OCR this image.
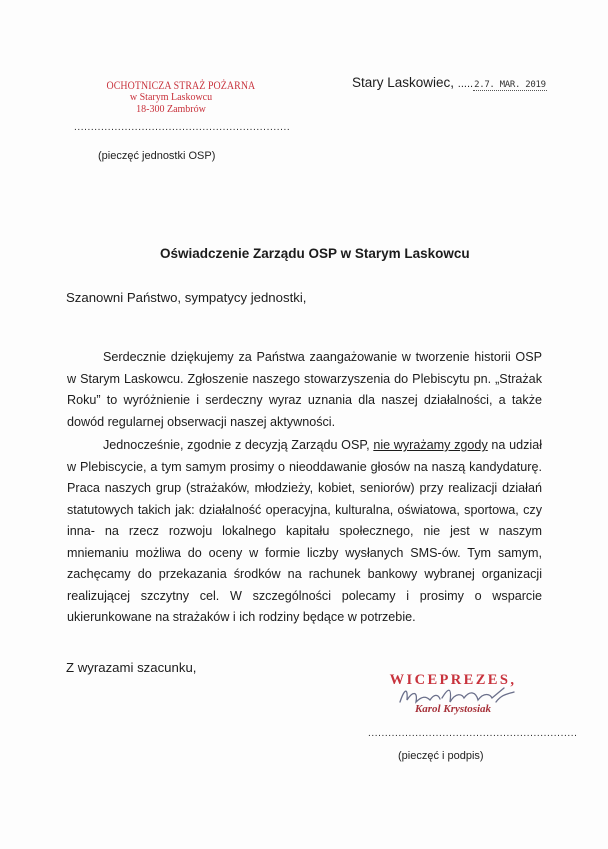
OCHOTNICZA STRAŻ POŻARNA
w Starym Laskowcu
18-300 Zambrów
................................................................
(pieczęć jednostki OSP)
Stary Laskowiec, .....2.7. MAR. 2019
Oświadczenie Zarządu OSP w Starym Laskowcu
Szanowni Państwo, sympatycy jednostki,
Serdecznie dziękujemy za Państwa zaangażowanie w tworzenie historii OSP w Starym Laskowcu. Zgłoszenie naszego stowarzyszenia do Plebiscytu pn. „Strażak Roku” to wyróżnienie i serdeczny wyraz uznania dla naszej działalności, a także dowód regularnej obserwacji naszej aktywności.
Jednocześnie, zgodnie z decyzją Zarządu OSP, nie wyrażamy zgody na udział w Plebiscycie, a tym samym prosimy o nieoddawanie głosów na naszą kandydaturę. Praca naszych grup (strażaków, młodzieży, kobiet, seniorów) przy realizacji działań statutowych takich jak: działalność operacyjna, kulturalna, oświatowa, sportowa, czy inna- na rzecz rozwoju lokalnego kapitału społecznego, nie jest w naszym mniemaniu możliwa do oceny w formie liczby wysłanych SMS-ów. Tym samym, zachęcamy do przekazania środków na rachunek bankowy wybranej organizacji realizującej szczytny cel. W szczególności polecamy i prosimy o wsparcie ukierunkowane na strażaków i ich rodziny będące w potrzebie.
Z wyrazami szacunku,
WICEPREZES,
Karol Krystosiak
..............................................................
(pieczęć i podpis)
